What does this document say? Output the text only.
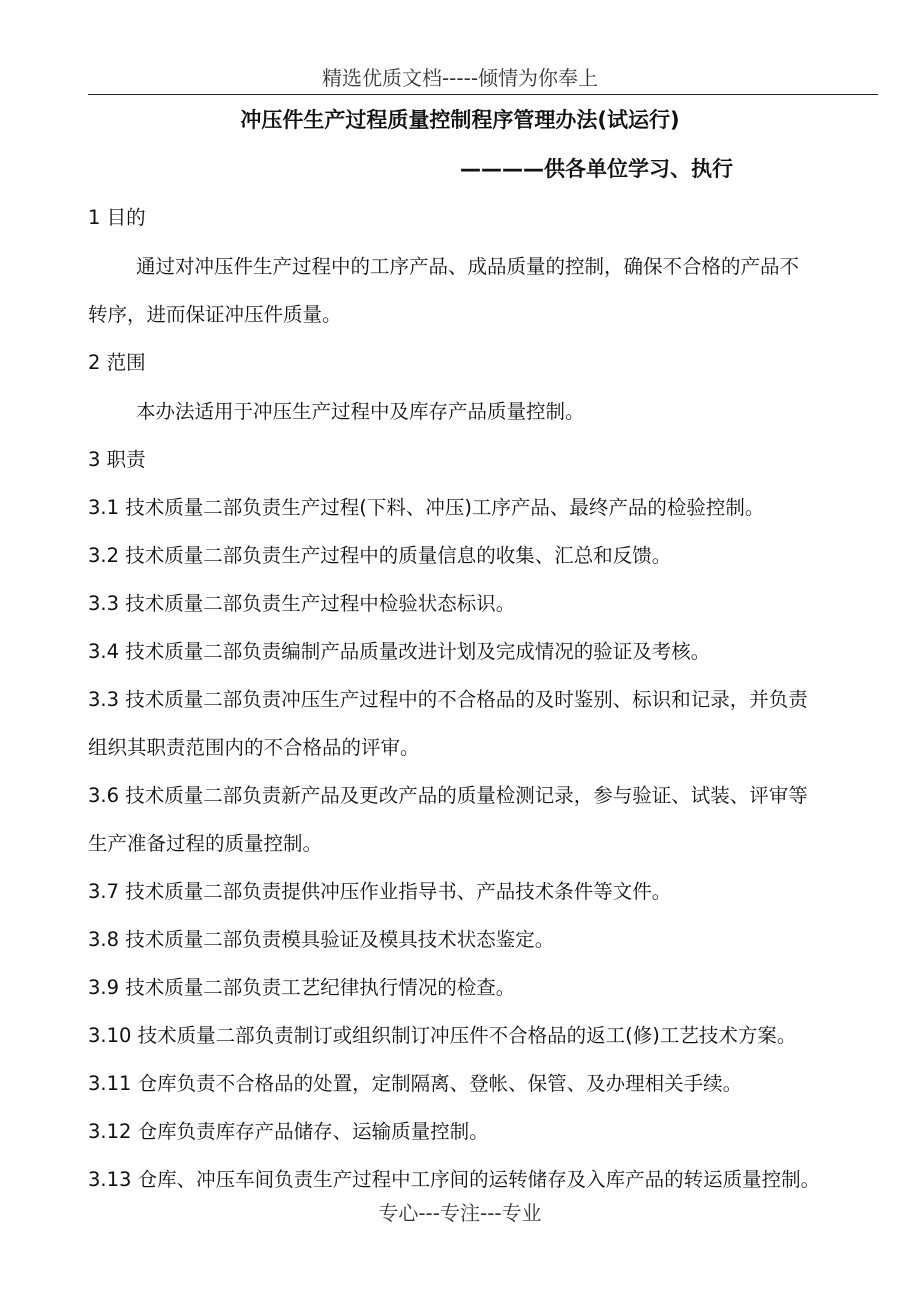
精选优质文档-----倾情为你奉上
冲压件生产过程质量控制程序管理办法(试运行)
————供各单位学习、执行
1 目的
通过对冲压件生产过程中的工序产品、成品质量的控制，确保不合格的产品不
转序，进而保证冲压件质量。
2 范围
本办法适用于冲压生产过程中及库存产品质量控制。
3 职责
3.1 技术质量二部负责生产过程(下料、冲压)工序产品、最终产品的检验控制。
3.2 技术质量二部负责生产过程中的质量信息的收集、汇总和反馈。
3.3 技术质量二部负责生产过程中检验状态标识。
3.4 技术质量二部负责编制产品质量改进计划及完成情况的验证及考核。
3.3 技术质量二部负责冲压生产过程中的不合格品的及时鉴别、标识和记录，并负责
组织其职责范围内的不合格品的评审。
3.6 技术质量二部负责新产品及更改产品的质量检测记录，参与验证、试装、评审等
生产准备过程的质量控制。
3.7 技术质量二部负责提供冲压作业指导书、产品技术条件等文件。
3.8 技术质量二部负责模具验证及模具技术状态鉴定。
3.9 技术质量二部负责工艺纪律执行情况的检查。
3.10 技术质量二部负责制订或组织制订冲压件不合格品的返工(修)工艺技术方案。
3.11 仓库负责不合格品的处置，定制隔离、登帐、保管、及办理相关手续。
3.12 仓库负责库存产品储存、运输质量控制。
3.13 仓库、冲压车间负责生产过程中工序间的运转储存及入库产品的转运质量控制。
专心---专注---专业
